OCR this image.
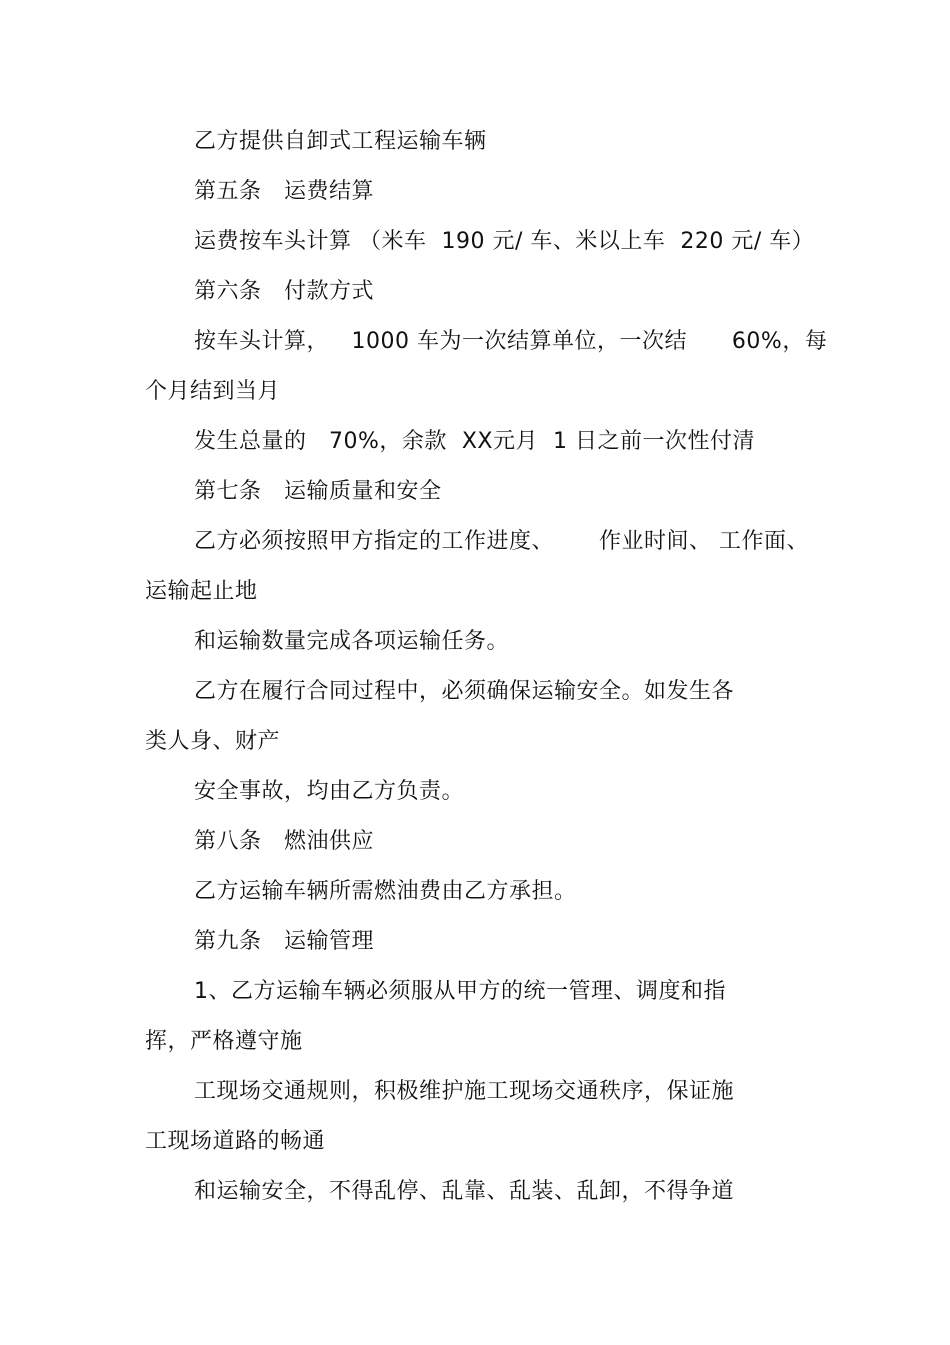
乙方提供自卸式工程运输车辆
第五条   运费结算
运费按车头计算 （米车  190 元/ 车、米以上车  220 元/ 车）
第六条   付款方式
按车头计算，   1000 车为一次结算单位，一次结      60%，每
个月结到当月
发生总量的   70%，余款  XX元月  1 日之前一次性付清
第七条   运输质量和安全
乙方必须按照甲方指定的工作进度、      作业时间、 工作面、
运输起止地
和运输数量完成各项运输任务。
乙方在履行合同过程中，必须确保运输安全。如发生各
类人身、财产
安全事故，均由乙方负责。
第八条   燃油供应
乙方运输车辆所需燃油费由乙方承担。
第九条   运输管理
1、乙方运输车辆必须服从甲方的统一管理、调度和指
挥，严格遵守施
工现场交通规则，积极维护施工现场交通秩序，保证施
工现场道路的畅通
和运输安全，不得乱停、乱靠、乱装、乱卸，不得争道
